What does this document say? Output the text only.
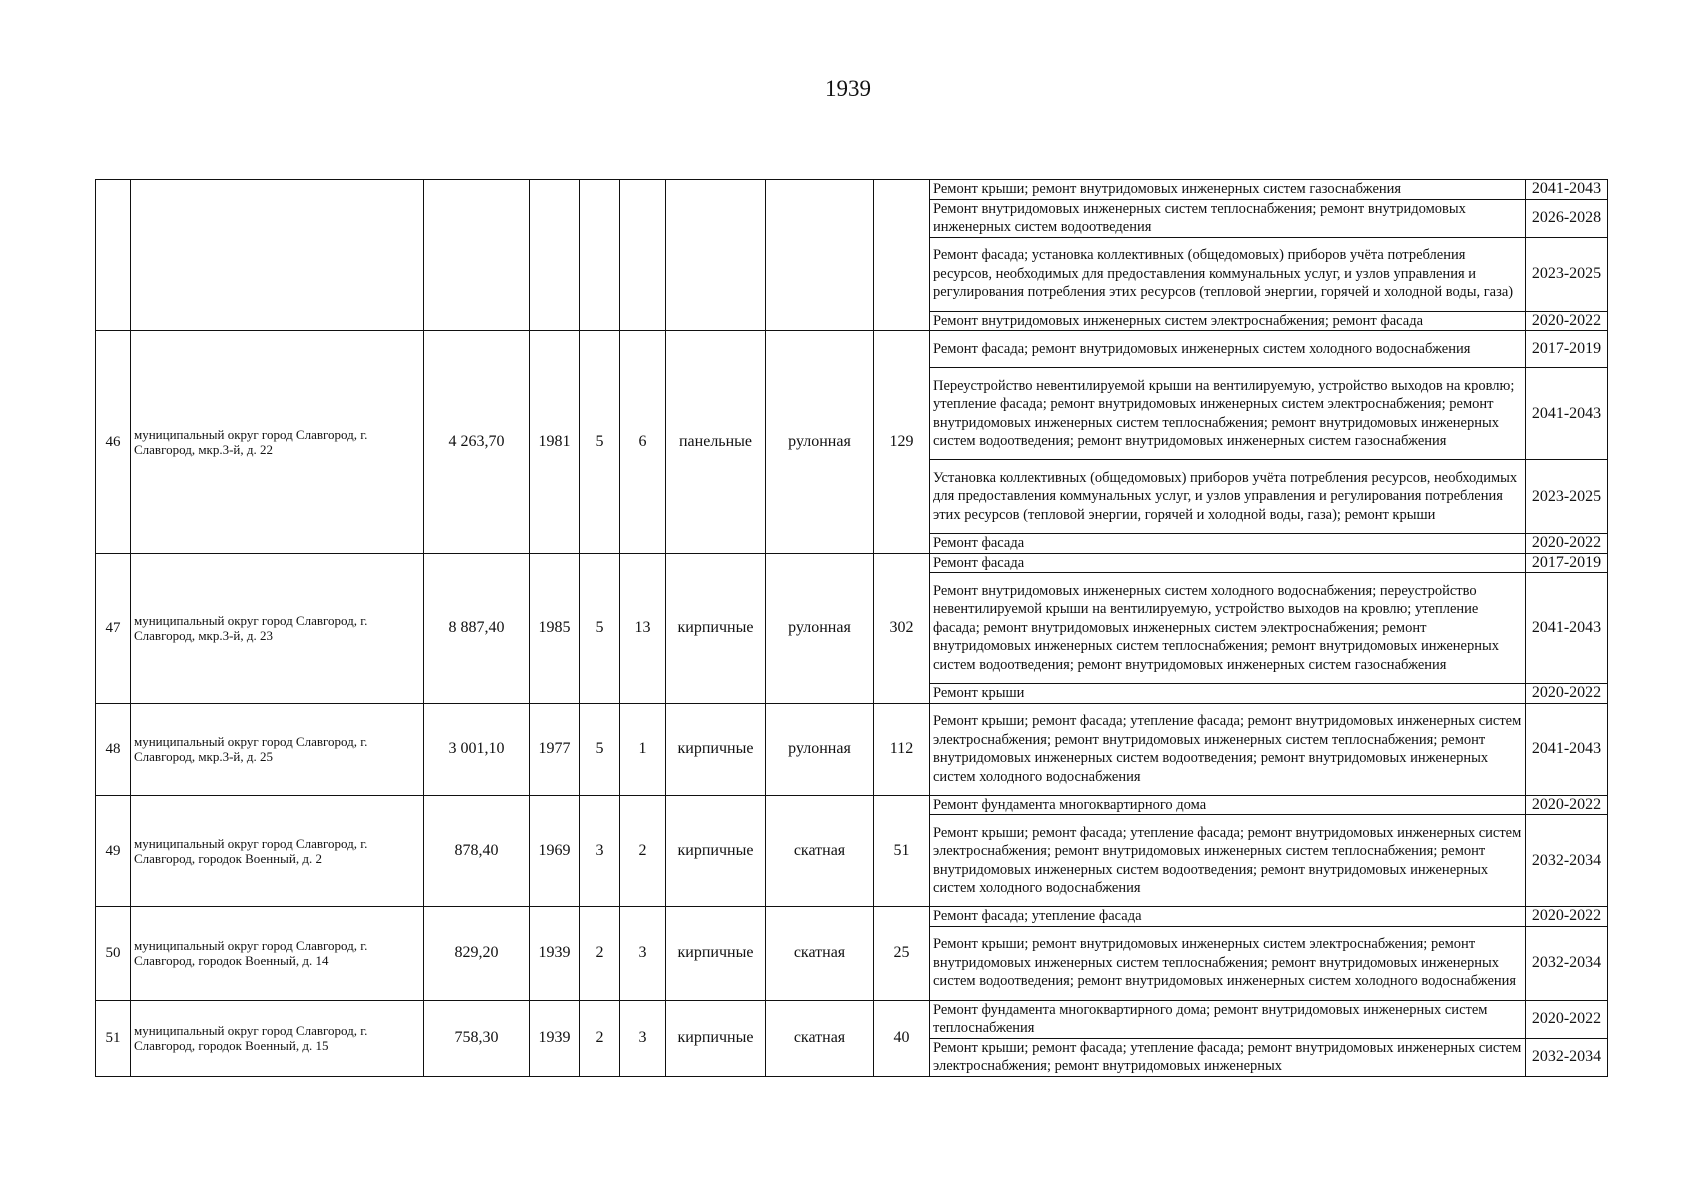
1939
									Ремонт крыши; ремонт внутридомовых инженерных систем газоснабжения	2041-2043
									Ремонт внутридомовых инженерных систем теплоснабжения; ремонт внутридомовых инженерных систем водоотведения	2026-2028
									Ремонт фасада; установка коллективных (общедомовых) приборов учёта потребления ресурсов, необходимых для предоставления коммунальных услуг, и узлов управления и регулирования потребления этих ресурсов (тепловой энергии, горячей и холодной воды, газа)	2023-2025
									Ремонт внутридомовых инженерных систем электроснабжения; ремонт фасада	2020-2022
46	муниципальный округ город Славгород, г. Славгород, мкр.3-й, д. 22	4 263,70	1981	5	6	панельные	рулонная	129	Ремонт фасада; ремонт внутридомовых инженерных систем холодного водоснабжения	2017-2019
									Переустройство невентилируемой крыши на вентилируемую, устройство выходов на кровлю; утепление фасада; ремонт внутридомовых инженерных систем электроснабжения; ремонт внутридомовых инженерных систем теплоснабжения; ремонт внутридомовых инженерных систем водоотведения; ремонт внутридомовых инженерных систем газоснабжения	2041-2043
									Установка коллективных (общедомовых) приборов учёта потребления ресурсов, необходимых для предоставления коммунальных услуг, и узлов управления и регулирования потребления этих ресурсов (тепловой энергии, горячей и холодной воды, газа); ремонт крыши	2023-2025
									Ремонт фасада	2020-2022
47	муниципальный округ город Славгород, г. Славгород, мкр.3-й, д. 23	8 887,40	1985	5	13	кирпичные	рулонная	302	Ремонт фасада	2017-2019
									Ремонт внутридомовых инженерных систем холодного водоснабжения; переустройство невентилируемой крыши на вентилируемую, устройство выходов на кровлю; утепление фасада; ремонт внутридомовых инженерных систем электроснабжения; ремонт внутридомовых инженерных систем теплоснабжения; ремонт внутридомовых инженерных систем водоотведения; ремонт внутридомовых инженерных систем газоснабжения	2041-2043
									Ремонт крыши	2020-2022
48	муниципальный округ город Славгород, г. Славгород, мкр.3-й, д. 25	3 001,10	1977	5	1	кирпичные	рулонная	112	Ремонт крыши; ремонт фасада; утепление фасада; ремонт внутридомовых инженерных систем электроснабжения; ремонт внутридомовых инженерных систем теплоснабжения; ремонт внутридомовых инженерных систем водоотведения; ремонт внутридомовых инженерных систем холодного водоснабжения	2041-2043
49	муниципальный округ город Славгород, г. Славгород, городок Военный, д. 2	878,40	1969	3	2	кирпичные	скатная	51	Ремонт фундамента многоквартирного дома	2020-2022
									Ремонт крыши; ремонт фасада; утепление фасада; ремонт внутридомовых инженерных систем электроснабжения; ремонт внутридомовых инженерных систем теплоснабжения; ремонт внутридомовых инженерных систем водоотведения; ремонт внутридомовых инженерных систем холодного водоснабжения	2032-2034
50	муниципальный округ город Славгород, г. Славгород, городок Военный, д. 14	829,20	1939	2	3	кирпичные	скатная	25	Ремонт фасада; утепление фасада	2020-2022
									Ремонт крыши; ремонт внутридомовых инженерных систем электроснабжения; ремонт внутридомовых инженерных систем теплоснабжения; ремонт внутридомовых инженерных систем водоотведения; ремонт внутридомовых инженерных систем холодного водоснабжения	2032-2034
51	муниципальный округ город Славгород, г. Славгород, городок Военный, д. 15	758,30	1939	2	3	кирпичные	скатная	40	Ремонт фундамента многоквартирного дома; ремонт внутридомовых инженерных систем теплоснабжения	2020-2022
									Ремонт крыши; ремонт фасада; утепление фасада; ремонт внутридомовых инженерных систем электроснабжения; ремонт внутридомовых инженерных	2032-2034
